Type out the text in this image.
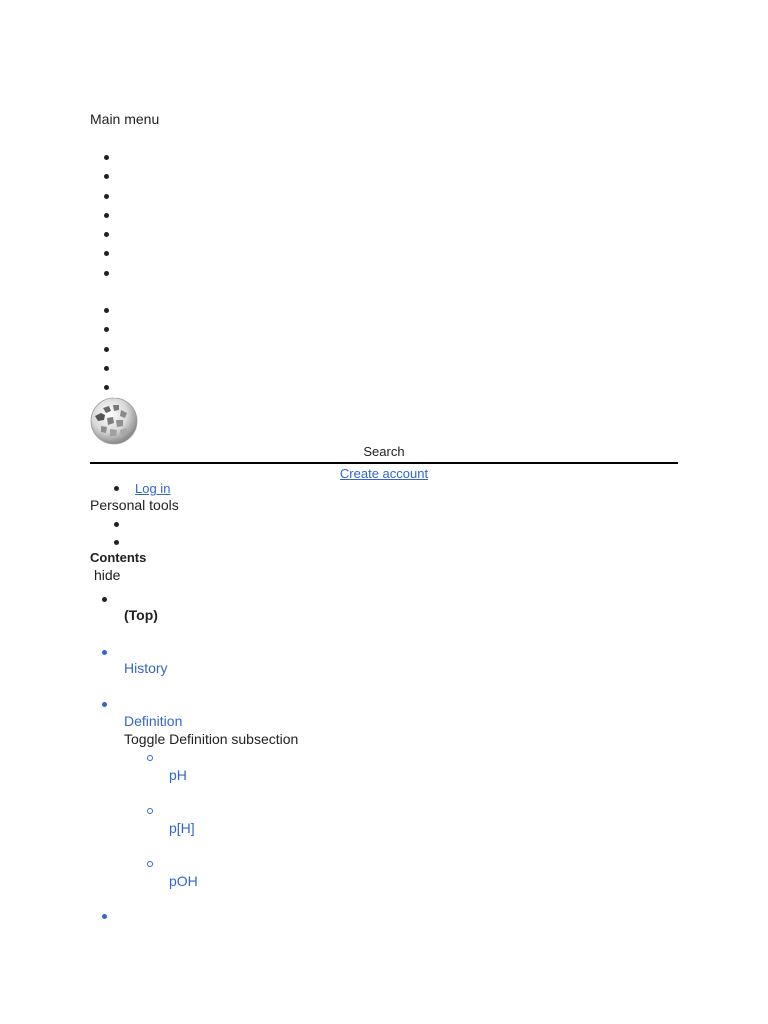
Main menu
Search
Create account
Log in
Personal tools
Contents
hide
(Top)
History
Definition
Toggle Definition subsection
pH
p[H]
pOH
